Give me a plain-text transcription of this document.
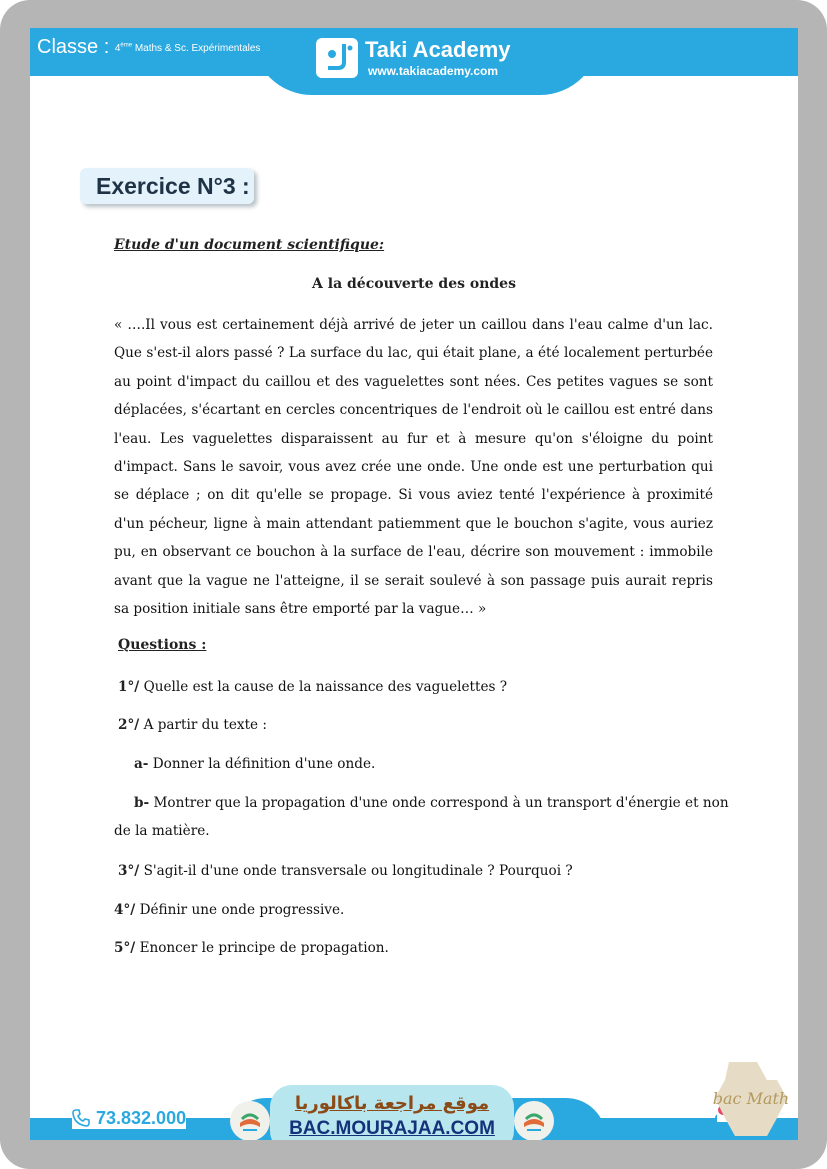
Classe : 4ème Maths & Sc. Expérimentales	Taki Academy
www.takiacademy.com
Exercice N°3 :
Etude d'un document scientifique:
A la découverte des ondes

« ….Il vous est certainement déjà arrivé de jeter un caillou dans l'eau calme d'un lac. Que s'est-il alors passé ? La surface du lac, qui était plane, a été localement perturbée au point d'impact du caillou et des vaguelettes sont nées. Ces petites vagues se sont déplacées, s'écartant en cercles concentriques de l'endroit où le caillou est entré dans l'eau. Les vaguelettes disparaissent au fur et à mesure qu'on s'éloigne du point d'impact. Sans le savoir, vous avez crée une onde. Une onde est une perturbation qui se déplace ; on dit qu'elle se propage. Si vous aviez tenté l'expérience à proximité d'un pécheur, ligne à main attendant patiemment que le bouchon s'agite, vous auriez pu, en observant ce bouchon à la surface de l'eau, décrire son mouvement : immobile avant que la vague ne l'atteigne, il se serait soulevé à son passage puis aurait repris sa position initiale sans être emporté par la vague… »

Questions :
1°/ Quelle est la cause de la naissance des vaguelettes ?
2°/ A partir du texte :
a- Donner la définition d'une onde.
b- Montrer que la propagation d'une onde correspond à un transport d'énergie et non
de la matière.
3°/ S'agit-il d'une onde transversale ou longitudinale ? Pourquoi ?
4°/ Définir une onde progressive.
5°/ Enoncer le principe de propagation.
73.832.000
موقع مراجعة باكالوريا
BAC.MOURAJAA.COM
bac Math
